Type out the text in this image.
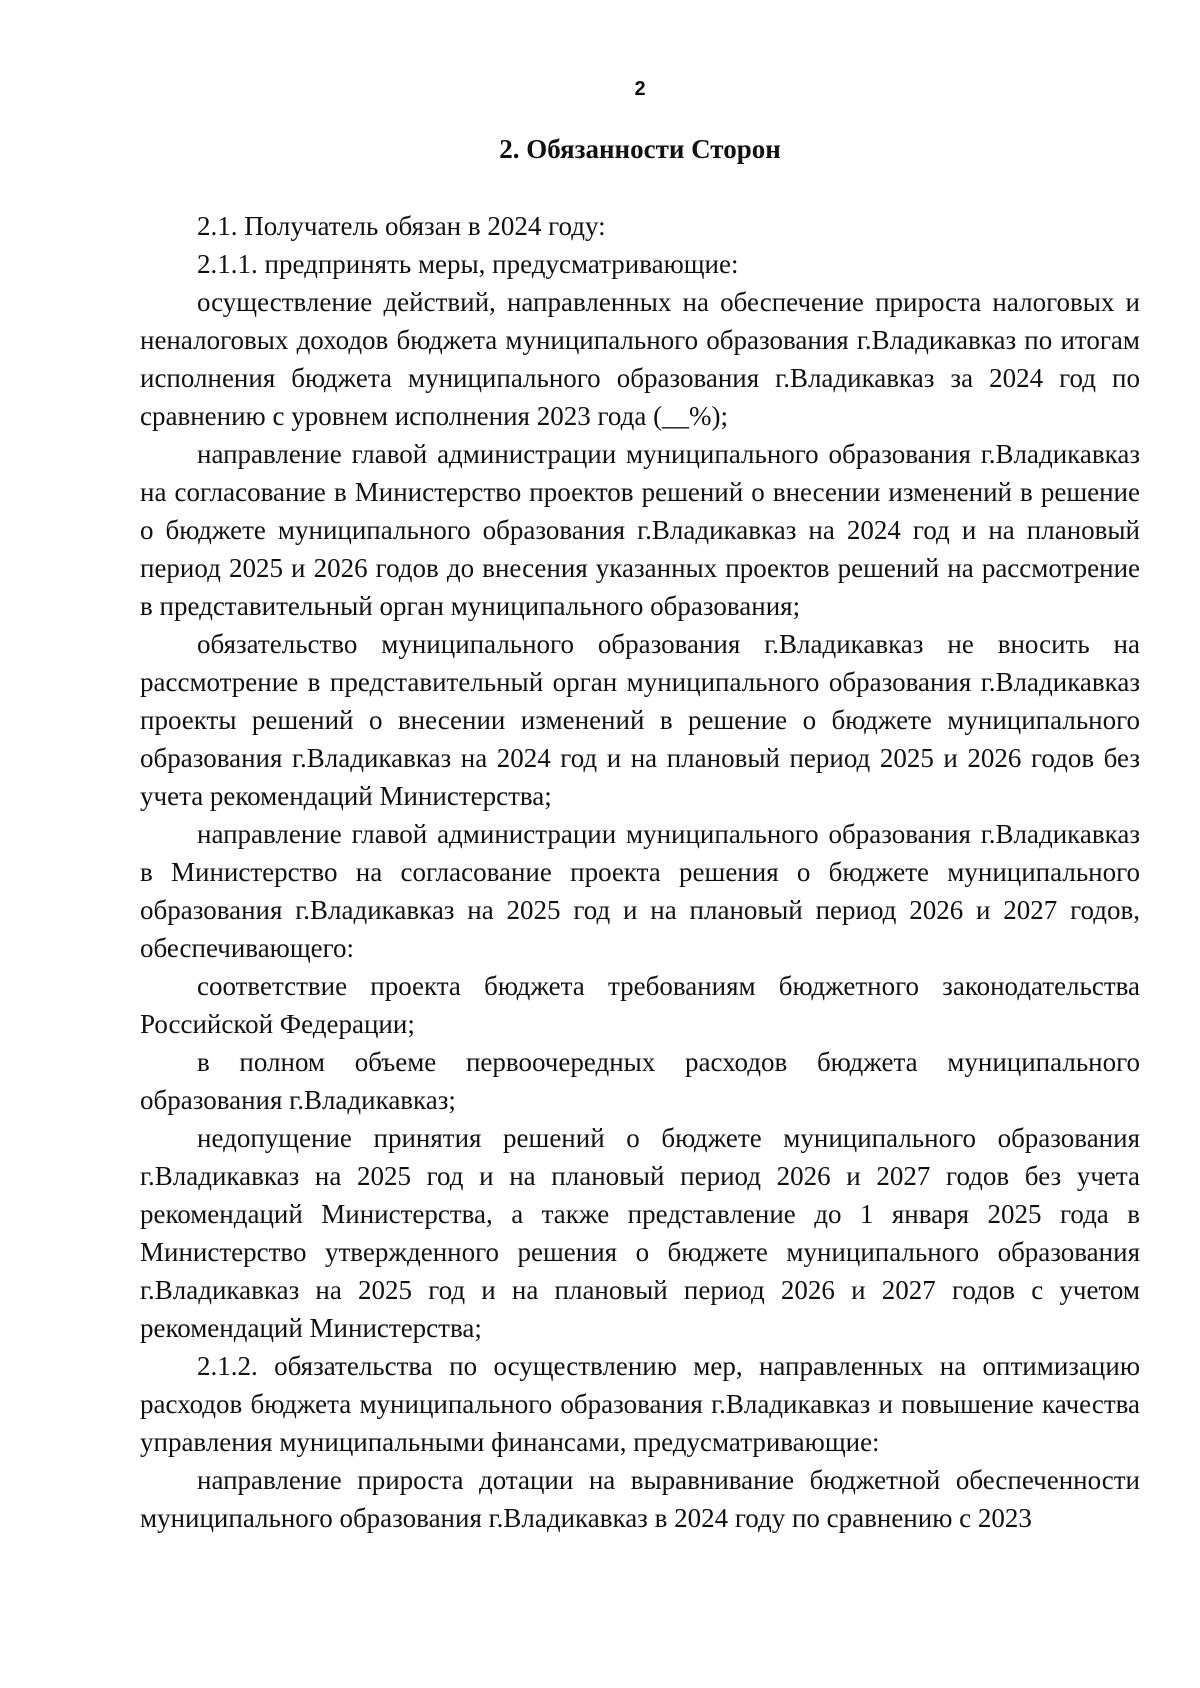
2
2. Обязанности Сторон

2.1. Получатель обязан в 2024 году:

2.1.1. предпринять меры, предусматривающие:

осуществление действий, направленных на обеспечение прироста налоговых и неналоговых доходов бюджета муниципального образования г.Владикавказ по итогам исполнения бюджета муниципального образования г.Владикавказ за 2024 год по сравнению с уровнем исполнения 2023 года (__%);

направление главой администрации муниципального образования г.Владикавказ на согласование в Министерство проектов решений о внесении изменений в решение о бюджете муниципального образования г.Владикавказ на 2024 год и на плановый период 2025 и 2026 годов до внесения указанных проектов решений на рассмотрение в представительный орган муниципального образования;

обязательство муниципального образования г.Владикавказ не вносить на рассмотрение в представительный орган муниципального образования г.Владикавказ проекты решений о внесении изменений в решение о бюджете муниципального образования г.Владикавказ на 2024 год и на плановый период 2025 и 2026 годов без учета рекомендаций Министерства;

направление главой администрации муниципального образования г.Владикавказ в Министерство на согласование проекта решения о бюджете муниципального образования г.Владикавказ на 2025 год и на плановый период 2026 и 2027 годов, обеспечивающего:

соответствие проекта бюджета требованиям бюджетного законодательства Российской Федерации;

в полном объеме первоочередных расходов бюджета муниципального образования г.Владикавказ;

недопущение принятия решений о бюджете муниципального образования г.Владикавказ на 2025 год и на плановый период 2026 и 2027 годов без учета рекомендаций Министерства, а также представление до 1 января 2025 года в Министерство утвержденного решения о бюджете муниципального образования г.Владикавказ на 2025 год и на плановый период 2026 и 2027 годов с учетом рекомендаций Министерства;

2.1.2. обязательства по осуществлению мер, направленных на оптимизацию расходов бюджета муниципального образования г.Владикавказ и повышение качества управления муниципальными финансами, предусматривающие:

направление прироста дотации на выравнивание бюджетной обеспеченности муниципального образования г.Владикавказ в 2024 году по сравнению с 2023
